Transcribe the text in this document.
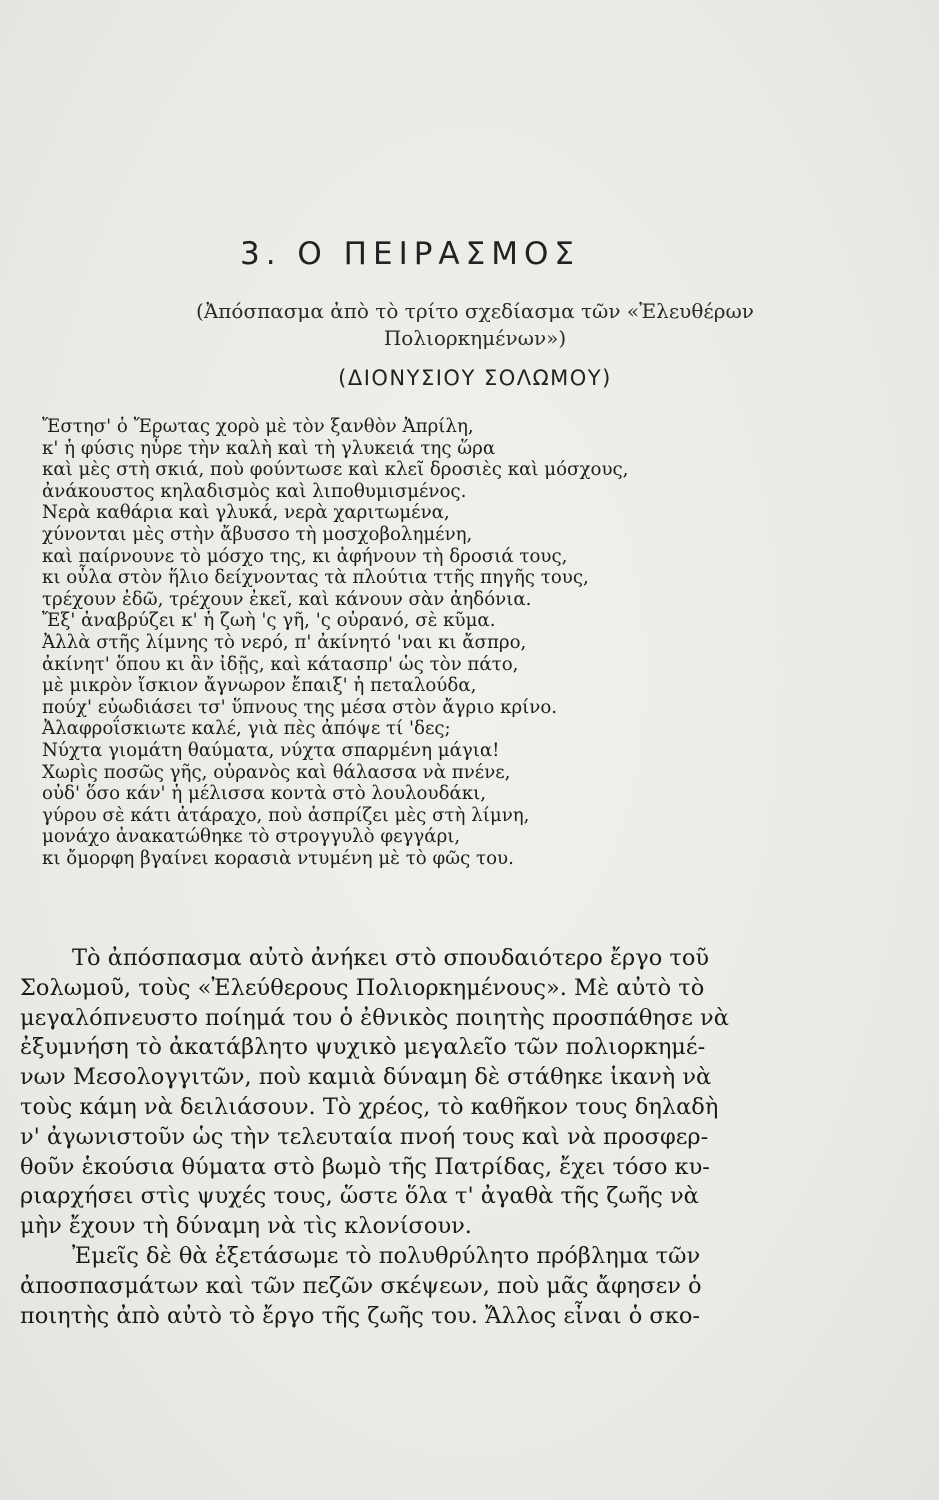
3. Ο ΠΕΙΡΑΣΜΟΣ
(Ἀπόσπασμα ἀπὸ τὸ τρίτο σχεδίασμα τῶν «Ἐλευθέρων
Πολιορκημένων»)
(ΔΙΟΝΥΣΙΟΥ ΣΟΛΩΜΟΥ)
Ἔστησ' ὁ Ἔρωτας χορὸ μὲ τὸν ξανθὸν Ἀπρίλη,
κ' ἡ φύσις ηὗρε τὴν καλὴ καὶ τὴ γλυκειά της ὥρα
καὶ μὲς στὴ σκιά, ποὺ φούντωσε καὶ κλεῖ δροσιὲς καὶ μόσχους,
ἀνάκουστος κηλαδισμὸς καὶ λιποθυμισμένος.
Νερὰ καθάρια καὶ γλυκά, νερὰ χαριτωμένα,
χύνονται μὲς στὴν ἄβυσσο τὴ μοσχοβολημένη,
καὶ παίρνουνε τὸ μόσχο της, κι ἀφήνουν τὴ δροσιά τους,
κι οὖλα στὸν ἥλιο δείχνοντας τὰ πλούτια ττῆς πηγῆς τους,
τρέχουν ἐδῶ, τρέχουν ἐκεῖ, καὶ κάνουν σὰν ἀηδόνια.
Ἔξ' ἀναβρύζει κ' ἡ ζωὴ 'ς γῆ, 'ς οὐρανό, σὲ κῦμα.
Ἀλλὰ στῆς λίμνης τὸ νερό, π' ἀκίνητό 'ναι κι ἄσπρο,
ἀκίνητ' ὅπου κι ἂν ἰδῇς, καὶ κάτασπρ' ὡς τὸν πάτο,
μὲ μικρὸν ἴσκιον ἄγνωρον ἔπαιξ' ἡ πεταλούδα,
πούχ' εὐωδιάσει τσ' ὕπνους της μέσα στὸν ἄγριο κρίνο.
Ἀλαφροΐσκιωτε καλέ, γιὰ πὲς ἀπόψε τί 'δες;
Νύχτα γιομάτη θαύματα, νύχτα σπαρμένη μάγια!
Χωρὶς ποσῶς γῆς, οὐρανὸς καὶ θάλασσα νὰ πνένε,
οὐδ' ὅσο κάν' ἡ μέλισσα κοντὰ στὸ λουλουδάκι,
γύρου σὲ κάτι ἀτάραχο, ποὺ ἀσπρίζει μὲς στὴ λίμνη,
μονάχο ἀνακατώθηκε τὸ στρογγυλὸ φεγγάρι,
κι ὄμορφη βγαίνει κορασιὰ ντυμένη μὲ τὸ φῶς του.
Τὸ ἀπόσπασμα αὐτὸ ἀνήκει στὸ σπουδαιότερο ἔργο τοῦ
Σολωμοῦ, τοὺς «Ἐλεύθερους Πολιορκημένους». Μὲ αὐτὸ τὸ
μεγαλόπνευστο ποίημά του ὁ ἐθνικὸς ποιητὴς προσπάθησε νὰ
ἐξυμνήση τὸ ἀκατάβλητο ψυχικὸ μεγαλεῖο τῶν πολιορκημέ-
νων Μεσολογγιτῶν, ποὺ καμιὰ δύναμη δὲ στάθηκε ἱκανὴ νὰ
τοὺς κάμη νὰ δειλιάσουν. Τὸ χρέος, τὸ καθῆκον τους δηλαδὴ
ν' ἀγωνιστοῦν ὡς τὴν τελευταία πνοή τους καὶ νὰ προσφερ-
θοῦν ἑκούσια θύματα στὸ βωμὸ τῆς Πατρίδας, ἔχει τόσο κυ-
ριαρχήσει στὶς ψυχές τους, ὥστε ὅλα τ' ἀγαθὰ τῆς ζωῆς νὰ
μὴν ἔχουν τὴ δύναμη νὰ τὶς κλονίσουν.
Ἐμεῖς δὲ θὰ ἐξετάσωμε τὸ πολυθρύλητο πρόβλημα τῶν
ἀποσπασμάτων καὶ τῶν πεζῶν σκέψεων, ποὺ μᾶς ἄφησεν ὁ
ποιητὴς ἀπὸ αὐτὸ τὸ ἔργο τῆς ζωῆς του. Ἄλλος εἶναι ὁ σκο-
